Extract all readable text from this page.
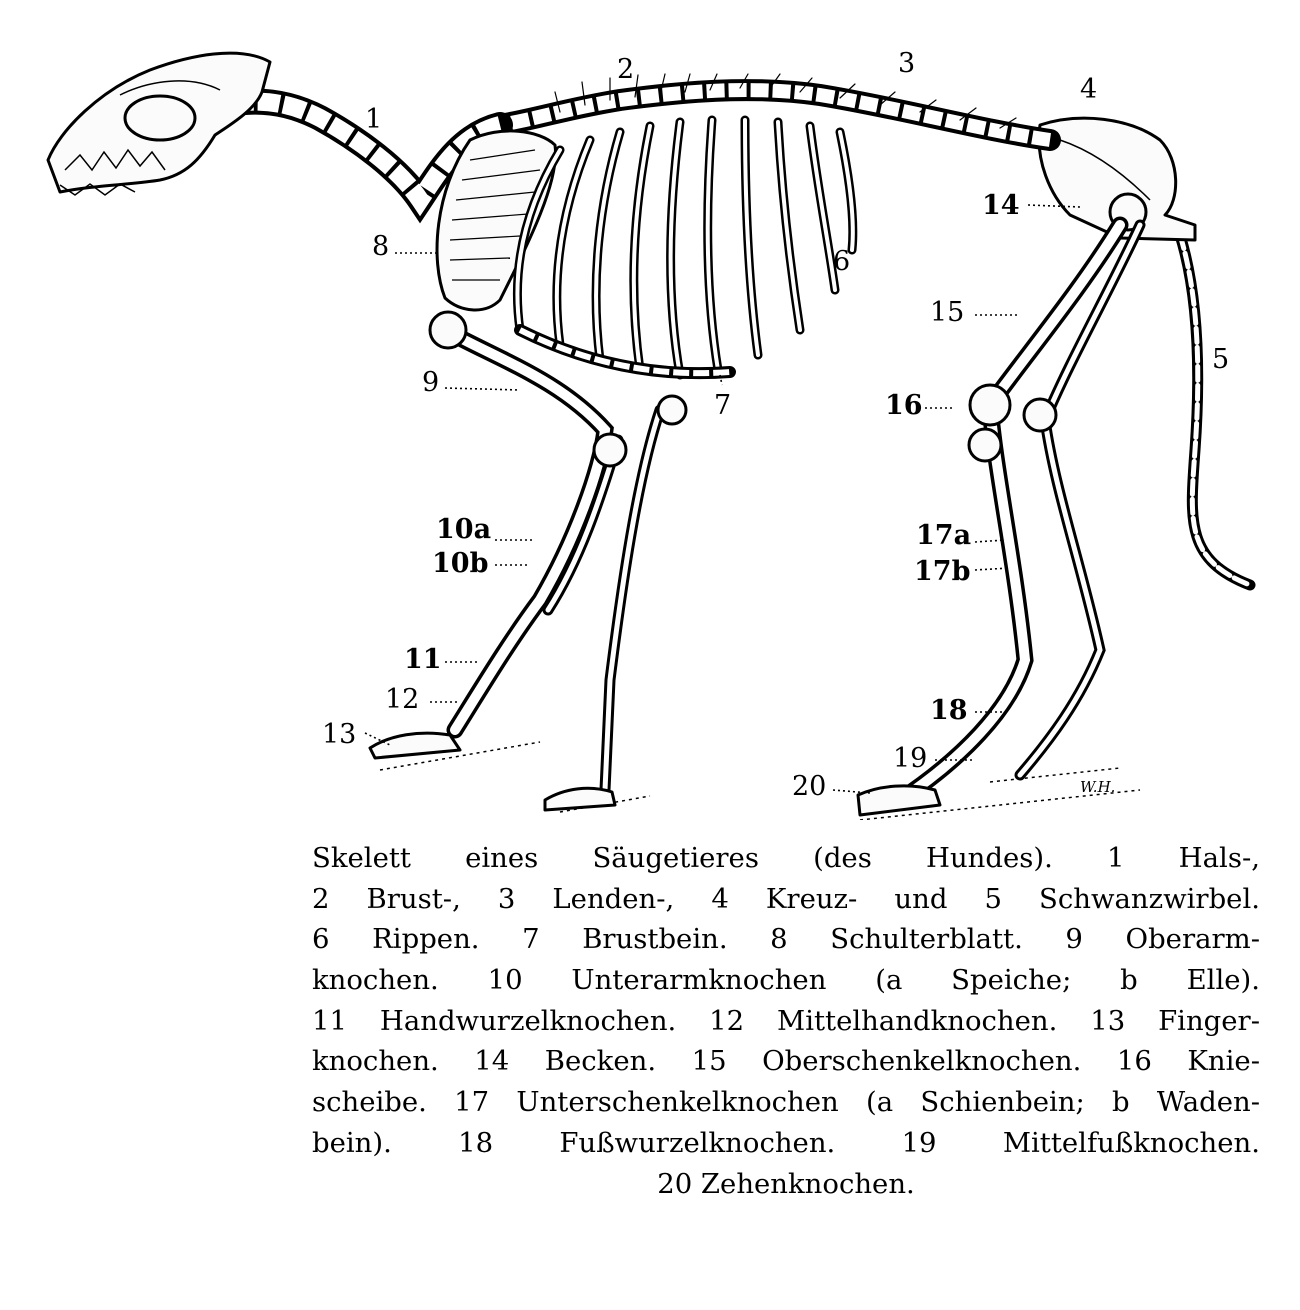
1
2	3
4
5
6
7
8
9
10a
10b
11
12
13
14
15
16
17a
17b
18
19
20	W.H.
Skelett eines Säugetieres (des Hundes). 1 Hals-,
2 Brust-, 3 Lenden-, 4 Kreuz- und 5 Schwanzwirbel.
6 Rippen. 7 Brustbein. 8 Schulterblatt. 9 Oberarm-
knochen. 10 Unterarmknochen (a Speiche; b Elle).
11 Handwurzelknochen. 12 Mittelhandknochen. 13 Finger-
knochen. 14 Becken. 15 Oberschenkelknochen. 16 Knie-
scheibe. 17 Unterschenkelknochen (a Schienbein; b Waden-
bein). 18 Fußwurzelknochen. 19 Mittelfußknochen.
20 Zehenknochen.
